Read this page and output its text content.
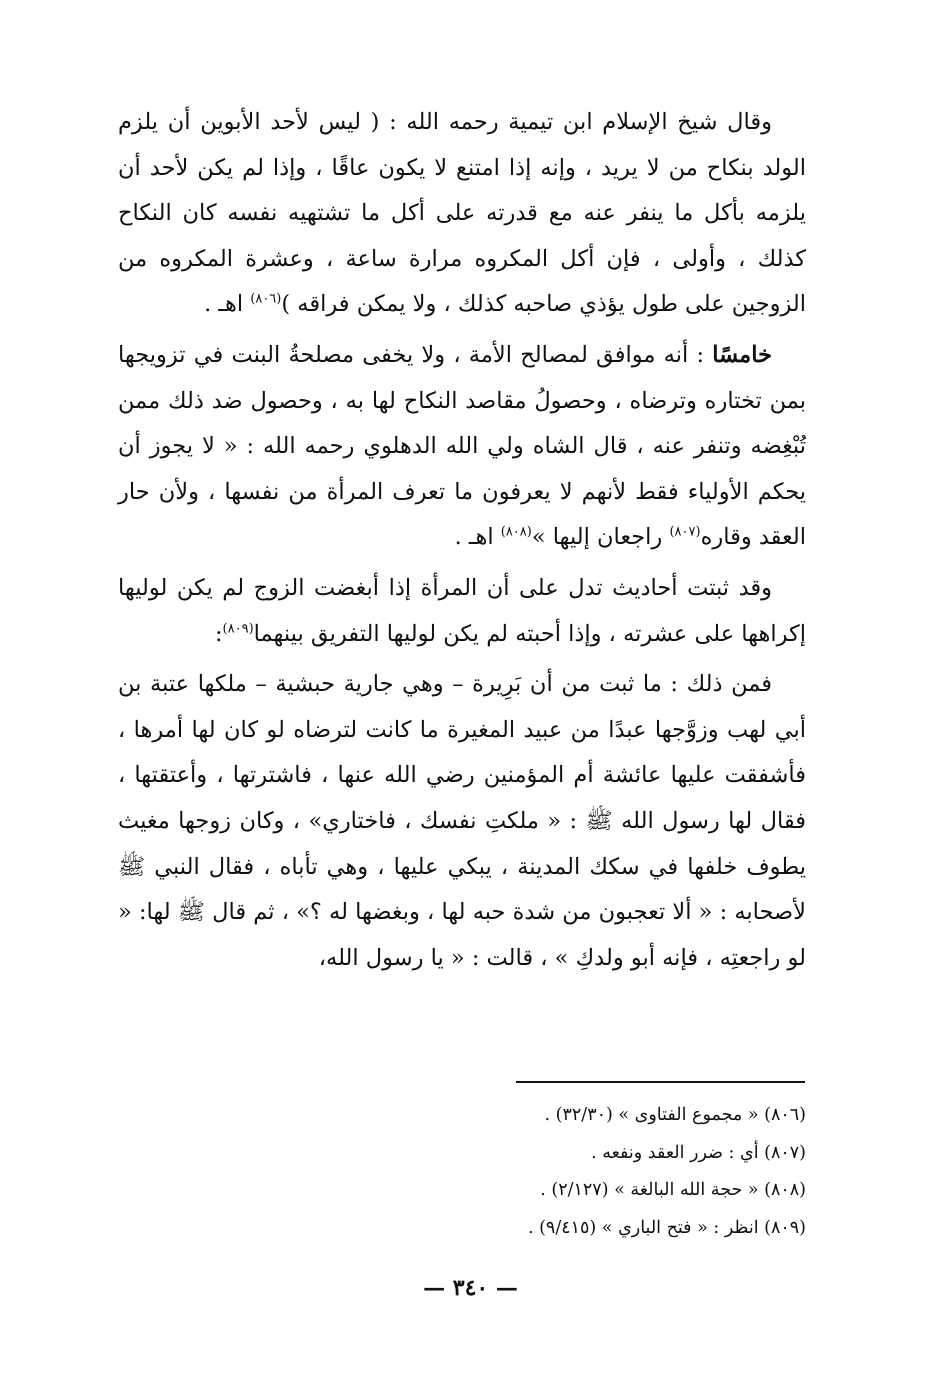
وقال شيخ الإسلام ابن تيمية رحمه الله : ( ليس لأحد الأبوين أن يلزم الولد بنكاح من لا يريد ، وإنه إذا امتنع لا يكون عاقًا ، وإذا لم يكن لأحد أن يلزمه بأكل ما ينفر عنه مع قدرته على أكل ما تشتهيه نفسه كان النكاح كذلك ، وأولى ، فإن أكل المكروه مرارة ساعة ، وعشرة المكروه من الزوجين على طول يؤذي صاحبه كذلك ، ولا يمكن فراقه )$^{(٨٠٦)}$ اهـ .

خامسًا : أنه موافق لمصالح الأمة ، ولا يخفى مصلحةُ البنت في تزويجها بمن تختاره وترضاه ، وحصولُ مقاصد النكاح لها به ، وحصول ضد ذلك ممن تُبْغِضه وتنفر عنه ، قال الشاه ولي الله الدهلوي رحمه الله : « لا يجوز أن يحكم الأولياء فقط لأنهم لا يعرفون ما تعرف المرأة من نفسها ، ولأن حار العقد وقاره$^{(٨٠٧)}$ راجعان إليها »$^{(٨٠٨)}$ اهـ .

وقد ثبتت أحاديث تدل على أن المرأة إذا أبغضت الزوج لم يكن لوليها إكراهها على عشرته ، وإذا أحبته لم يكن لوليها التفريق بينهما$^{(٨٠٩)}$:

فمن ذلك : ما ثبت من أن بَرِيرة – وهي جارية حبشية – ملكها عتبة بن أبي لهب وزوَّجها عبدًا من عبيد المغيرة ما كانت لترضاه لو كان لها أمرها ، فأشفقت عليها عائشة أم المؤمنين رضي الله عنها ، فاشترتها ، وأعتقتها ، فقال لها رسول الله ﷺ : « ملكتِ نفسك ، فاختاري» ، وكان زوجها مغيث يطوف خلفها في سكك المدينة ، يبكي عليها ، وهي تأباه ، فقال النبي ﷺ لأصحابه : « ألا تعجبون من شدة حبه لها ، وبغضها له ؟» ، ثم قال ﷺ لها: « لو راجعتِه ، فإنه أبو ولدكِ » ، قالت : « يا رسول الله،

(٨٠٦) « مجموع الفتاوى » (٣٢/٣٠) .

(٨٠٧) أي : ضرر العقد ونفعه .

(٨٠٨) « حجة الله البالغة » (٢/١٢٧) .

(٨٠٩) انظر : « فتح الباري » (٩/٤١٥) .

— ٣٤٠ —
